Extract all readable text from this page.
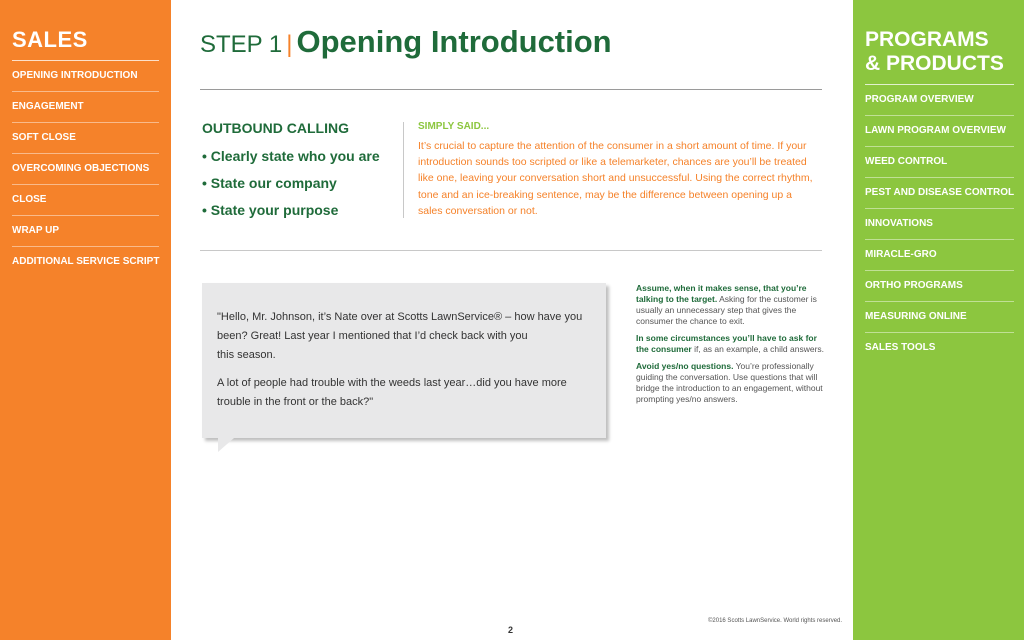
SALES
OPENING INTRODUCTION
ENGAGEMENT
SOFT CLOSE
OVERCOMING OBJECTIONS
CLOSE
WRAP UP
ADDITIONAL SERVICE SCRIPT
STEP 1 | Opening Introduction
OUTBOUND CALLING
• Clearly state who you are
• State our company
• State your purpose
SIMPLY SAID...
It’s crucial to capture the attention of the consumer in a short amount of time. If your introduction sounds too scripted or like a telemarketer, chances are you’ll be treated like one, leaving your conversation short and unsuccessful. Using the correct rhythm, tone and an ice-breaking sentence, may be the difference between opening up a sales conversation or not.

"Hello, Mr. Johnson, it’s Nate over at Scotts LawnService® – how have you
been? Great! Last year I mentioned that I’d check back with you
this season.

A lot of people had trouble with the weeds last year…did you have more
trouble in the front or the back?"

Assume, when it makes sense, that you’re talking to the target. Asking for the customer is usually an unnecessary step that gives the consumer the chance to exit.

In some circumstances you’ll have to ask for the consumer if, as an example, a child answers.

Avoid yes/no questions. You’re professionally guiding the conversation. Use questions that will bridge the introduction to an engagement, without prompting yes/no answers.

PROGRAMS
& PRODUCTS
PROGRAM OVERVIEW
LAWN PROGRAM OVERVIEW
WEED CONTROL
PEST AND DISEASE CONTROL
INNOVATIONS
MIRACLE-GRO
ORTHO PROGRAMS
MEASURING ONLINE
SALES TOOLS
©2016 Scotts LawnService. World rights reserved.
2
